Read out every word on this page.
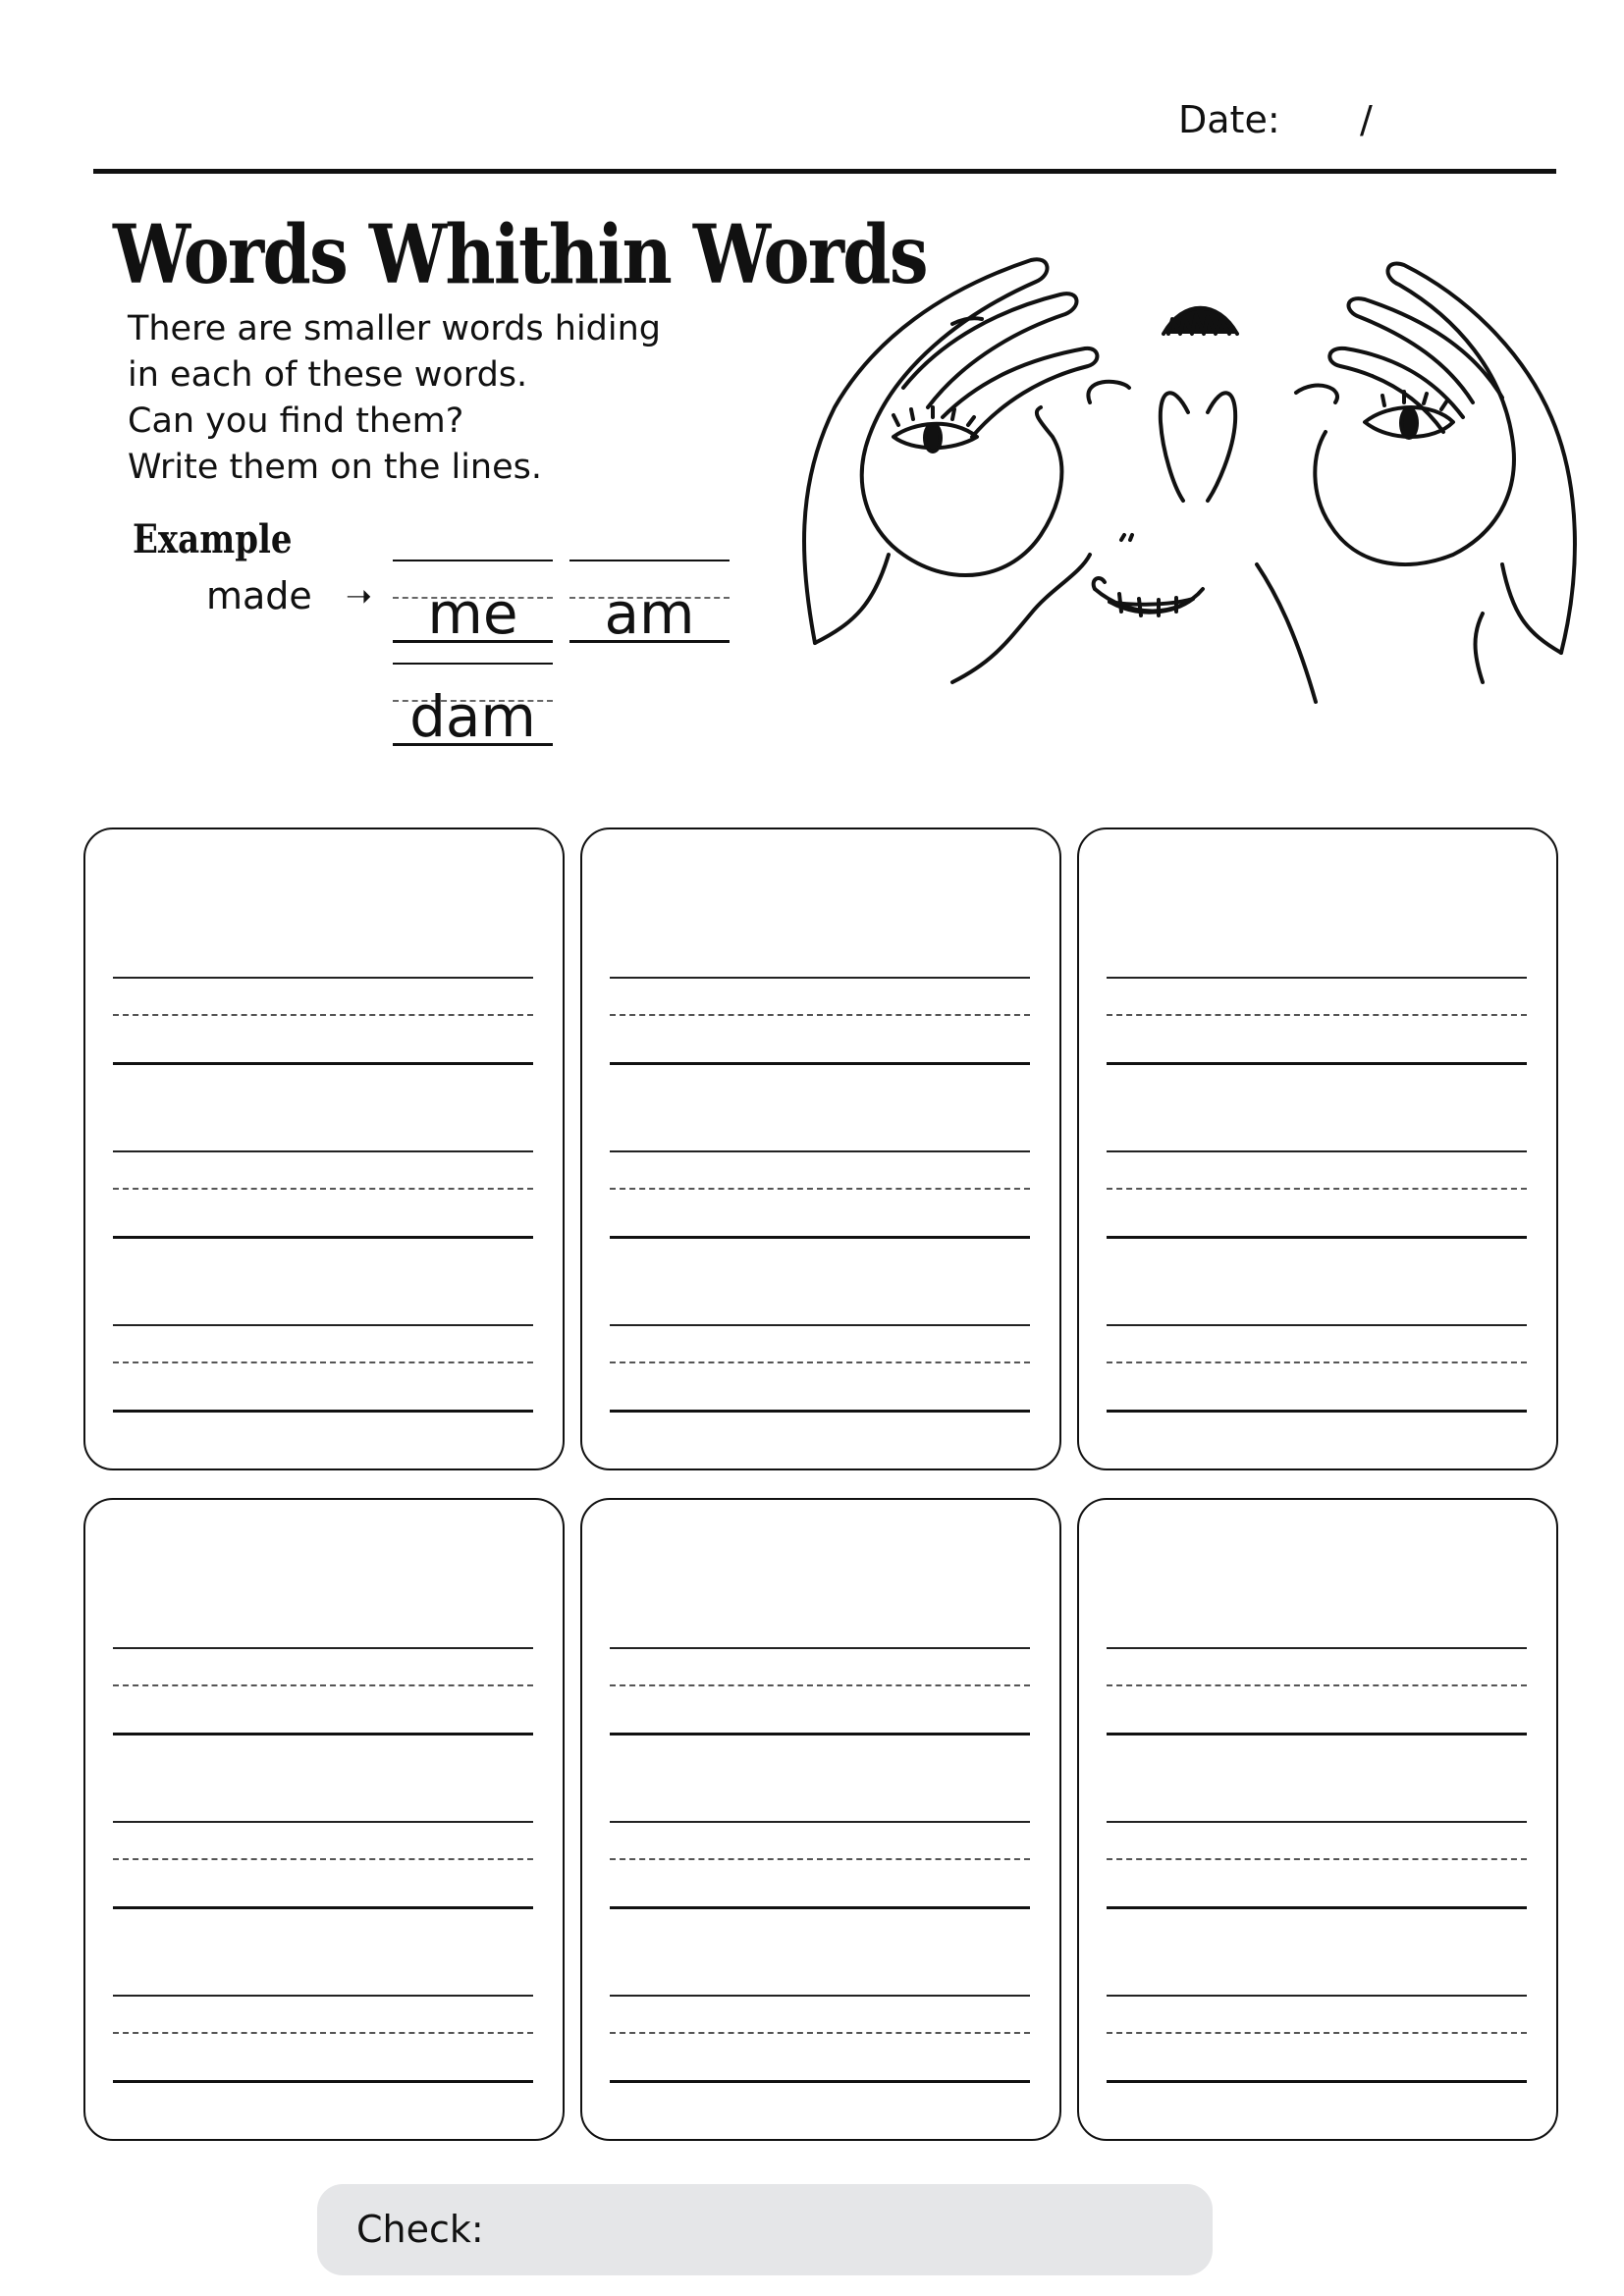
Date: /
Words Whithin Words
There are smaller words hiding
in each of these words.
Can you find them?
Write them on the lines.
Example
made ➝ me	am
dam
Check:
